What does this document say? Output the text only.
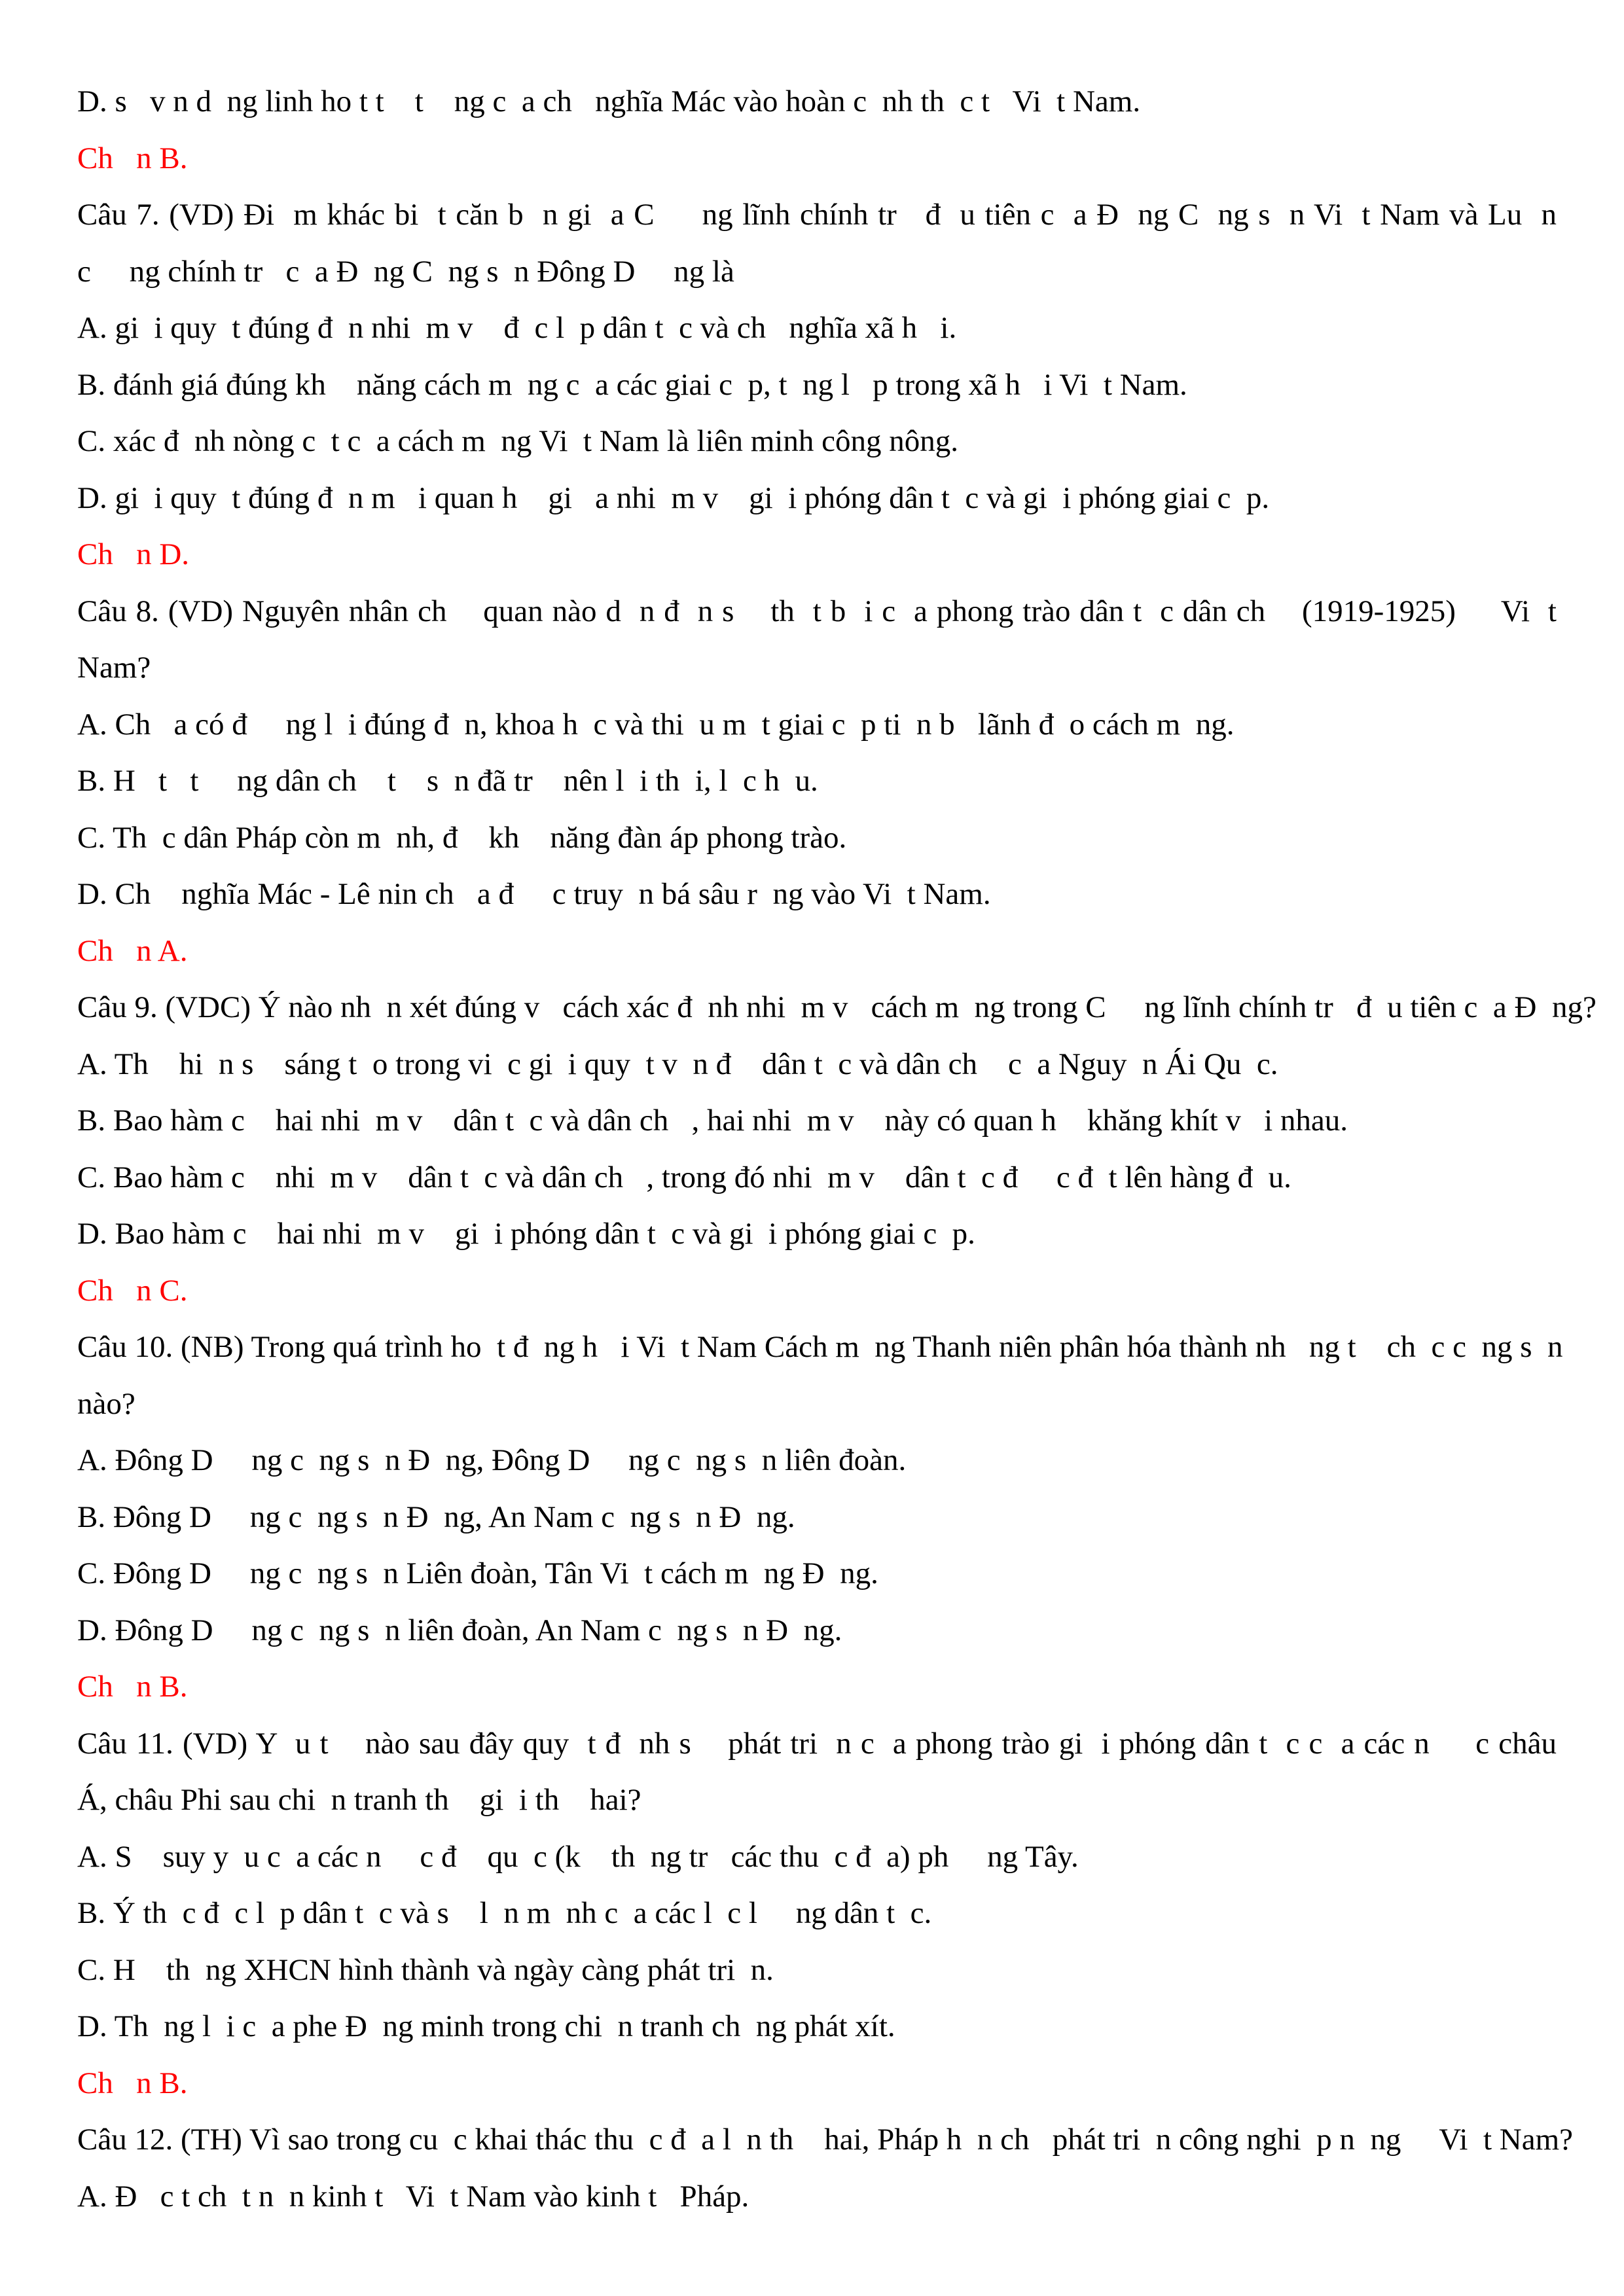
D. s   v n d  ng linh ho t t    t    ng c  a ch   nghĩa Mác vào hoàn c  nh th  c t   Vi  t Nam.
Ch   n B.
Câu 7. (VD) Đi  m khác bi  t căn b  n gi  a C     ng lĩnh chính tr   đ  u tiên c  a Đ  ng C  ng s  n Vi  t Nam và Lu  n
c     ng chính tr   c  a Đ  ng C  ng s  n Đông D     ng là
A. gi  i quy  t đúng đ  n nhi  m v    đ  c l  p dân t  c và ch   nghĩa xã h   i.
B. đánh giá đúng kh    năng cách m  ng c  a các giai c  p, t  ng l   p trong xã h   i Vi  t Nam.
C. xác đ  nh nòng c  t c  a cách m  ng Vi  t Nam là liên minh công nông.
D. gi  i quy  t đúng đ  n m   i quan h    gi   a nhi  m v    gi  i phóng dân t  c và gi  i phóng giai c  p.
Ch   n D.
Câu 8. (VD) Nguyên nhân ch    quan nào d  n đ  n s    th  t b  i c  a phong trào dân t  c dân ch    (1919-1925)     Vi  t
Nam?
A. Ch   a có đ     ng l  i đúng đ  n, khoa h  c và thi  u m  t giai c  p ti  n b   lãnh đ  o cách m  ng.
B. H   t   t     ng dân ch    t    s  n đã tr    nên l  i th  i, l  c h  u.
C. Th  c dân Pháp còn m  nh, đ    kh    năng đàn áp phong trào.
D. Ch    nghĩa Mác - Lê nin ch   a đ     c truy  n bá sâu r  ng vào Vi  t Nam.
Ch   n A.
Câu 9. (VDC) Ý nào nh  n xét đúng v   cách xác đ  nh nhi  m v   cách m  ng trong C     ng lĩnh chính tr   đ  u tiên c  a Đ  ng?
A. Th    hi  n s    sáng t  o trong vi  c gi  i quy  t v  n đ    dân t  c và dân ch    c  a Nguy  n Ái Qu  c.
B. Bao hàm c    hai nhi  m v    dân t  c và dân ch   , hai nhi  m v    này có quan h    khăng khít v   i nhau.
C. Bao hàm c    nhi  m v    dân t  c và dân ch   , trong đó nhi  m v    dân t  c đ     c đ  t lên hàng đ  u.
D. Bao hàm c    hai nhi  m v    gi  i phóng dân t  c và gi  i phóng giai c  p.
Ch   n C.
Câu 10. (NB) Trong quá trình ho  t đ  ng h   i Vi  t Nam Cách m  ng Thanh niên phân hóa thành nh   ng t    ch  c c  ng s  n
nào?
A. Đông D     ng c  ng s  n Đ  ng, Đông D     ng c  ng s  n liên đoàn.
B. Đông D     ng c  ng s  n Đ  ng, An Nam c  ng s  n Đ  ng.
C. Đông D     ng c  ng s  n Liên đoàn, Tân Vi  t cách m  ng Đ  ng.
D. Đông D     ng c  ng s  n liên đoàn, An Nam c  ng s  n Đ  ng.
Ch   n B.
Câu 11. (VD) Y  u t    nào sau đây quy  t đ  nh s    phát tri  n c  a phong trào gi  i phóng dân t  c c  a các n     c châu
Á, châu Phi sau chi  n tranh th    gi  i th    hai?
A. S    suy y  u c  a các n     c đ    qu  c (k    th  ng tr   các thu  c đ  a) ph     ng Tây.
B. Ý th  c đ  c l  p dân t  c và s    l  n m  nh c  a các l  c l     ng dân t  c.
C. H    th  ng XHCN hình thành và ngày càng phát tri  n.
D. Th  ng l  i c  a phe Đ  ng minh trong chi  n tranh ch  ng phát xít.
Ch   n B.
Câu 12. (TH) Vì sao trong cu  c khai thác thu  c đ  a l  n th    hai, Pháp h  n ch   phát tri  n công nghi  p n  ng     Vi  t Nam?
A. Đ   c t ch  t n  n kinh t   Vi  t Nam vào kinh t   Pháp.
